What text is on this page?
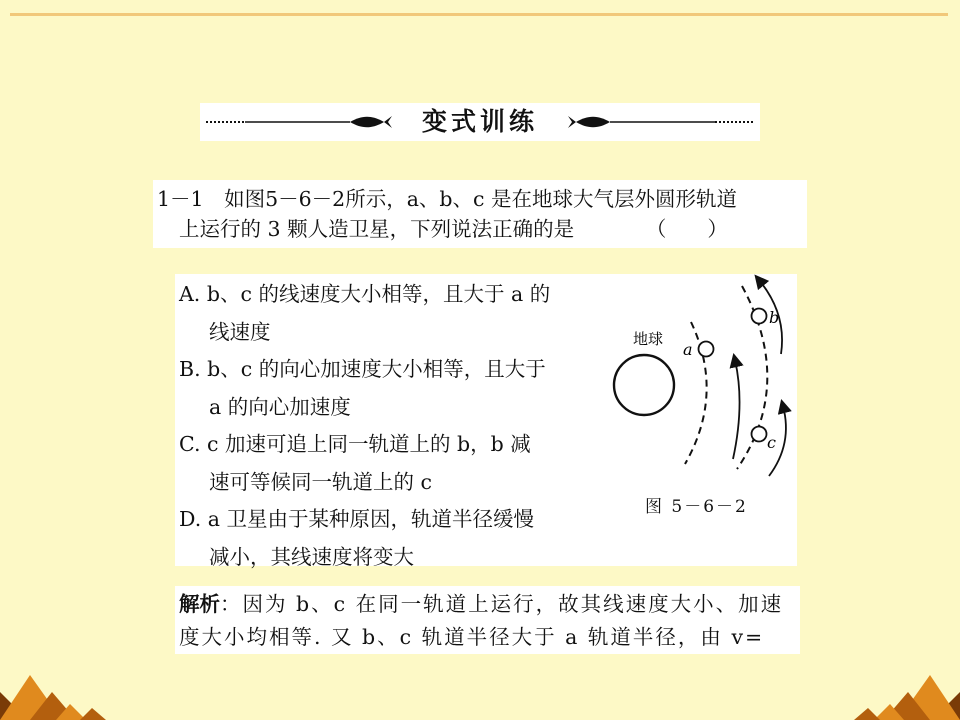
变式训练
1－1　如图5－6－2所示，a、b、c 是在地球大气层外圆形轨道
上运行的 3 颗人造卫星，下列说法正确的是　　　　（　　）
A. b、c 的线速度大小相等，且大于 a 的
线速度
B. b、c 的向心加速度大小相等，且大于
a 的向心加速度
C. c 加速可追上同一轨道上的 b，b 减
速可等候同一轨道上的 c
D. a 卫星由于某种原因，轨道半径缓慢
减小，其线速度将变大
地球
a
b
c
图 5－6－2
解析：因为 b、c 在同一轨道上运行，故其线速度大小、加速
度大小均相等. 又 b、c 轨道半径大于 a 轨道半径，由 v=
